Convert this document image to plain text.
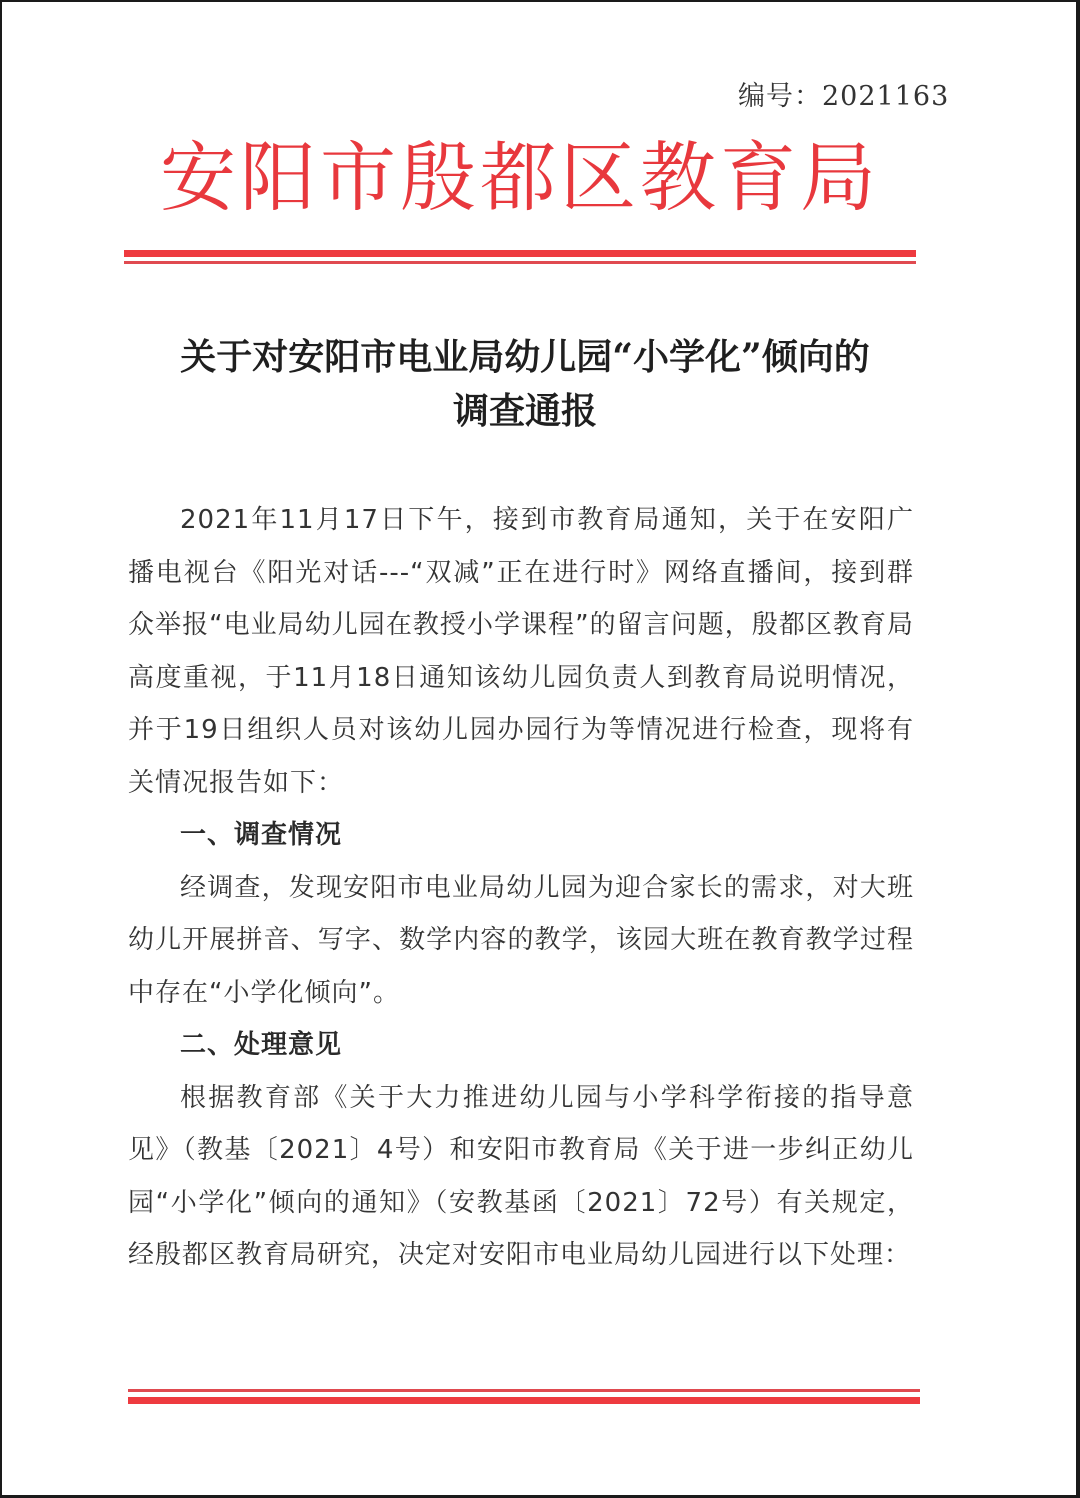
编号：2021163
安阳市殷都区教育局
关于对安阳市电业局幼儿园“小学化”倾向的
调查通报

2021年11月17日下午，接到市教育局通知，关于在安阳广播电视台《阳光对话---“双减”正在进行时》网络直播间，接到群众举报“电业局幼儿园在教授小学课程”的留言问题，殷都区教育局高度重视，于11月18日通知该幼儿园负责人到教育局说明情况，并于19日组织人员对该幼儿园办园行为等情况进行检查，现将有关情况报告如下：

一、调查情况

经调查，发现安阳市电业局幼儿园为迎合家长的需求，对大班幼儿开展拼音、写字、数学内容的教学，该园大班在教育教学过程中存在“小学化倾向”。

二、处理意见

根据教育部《关于大力推进幼儿园与小学科学衔接的指导意见》（教基〔2021〕4号）和安阳市教育局《关于进一步纠正幼儿园“小学化”倾向的通知》（安教基函〔2021〕72号）有关规定，经殷都区教育局研究，决定对安阳市电业局幼儿园进行以下处理：
